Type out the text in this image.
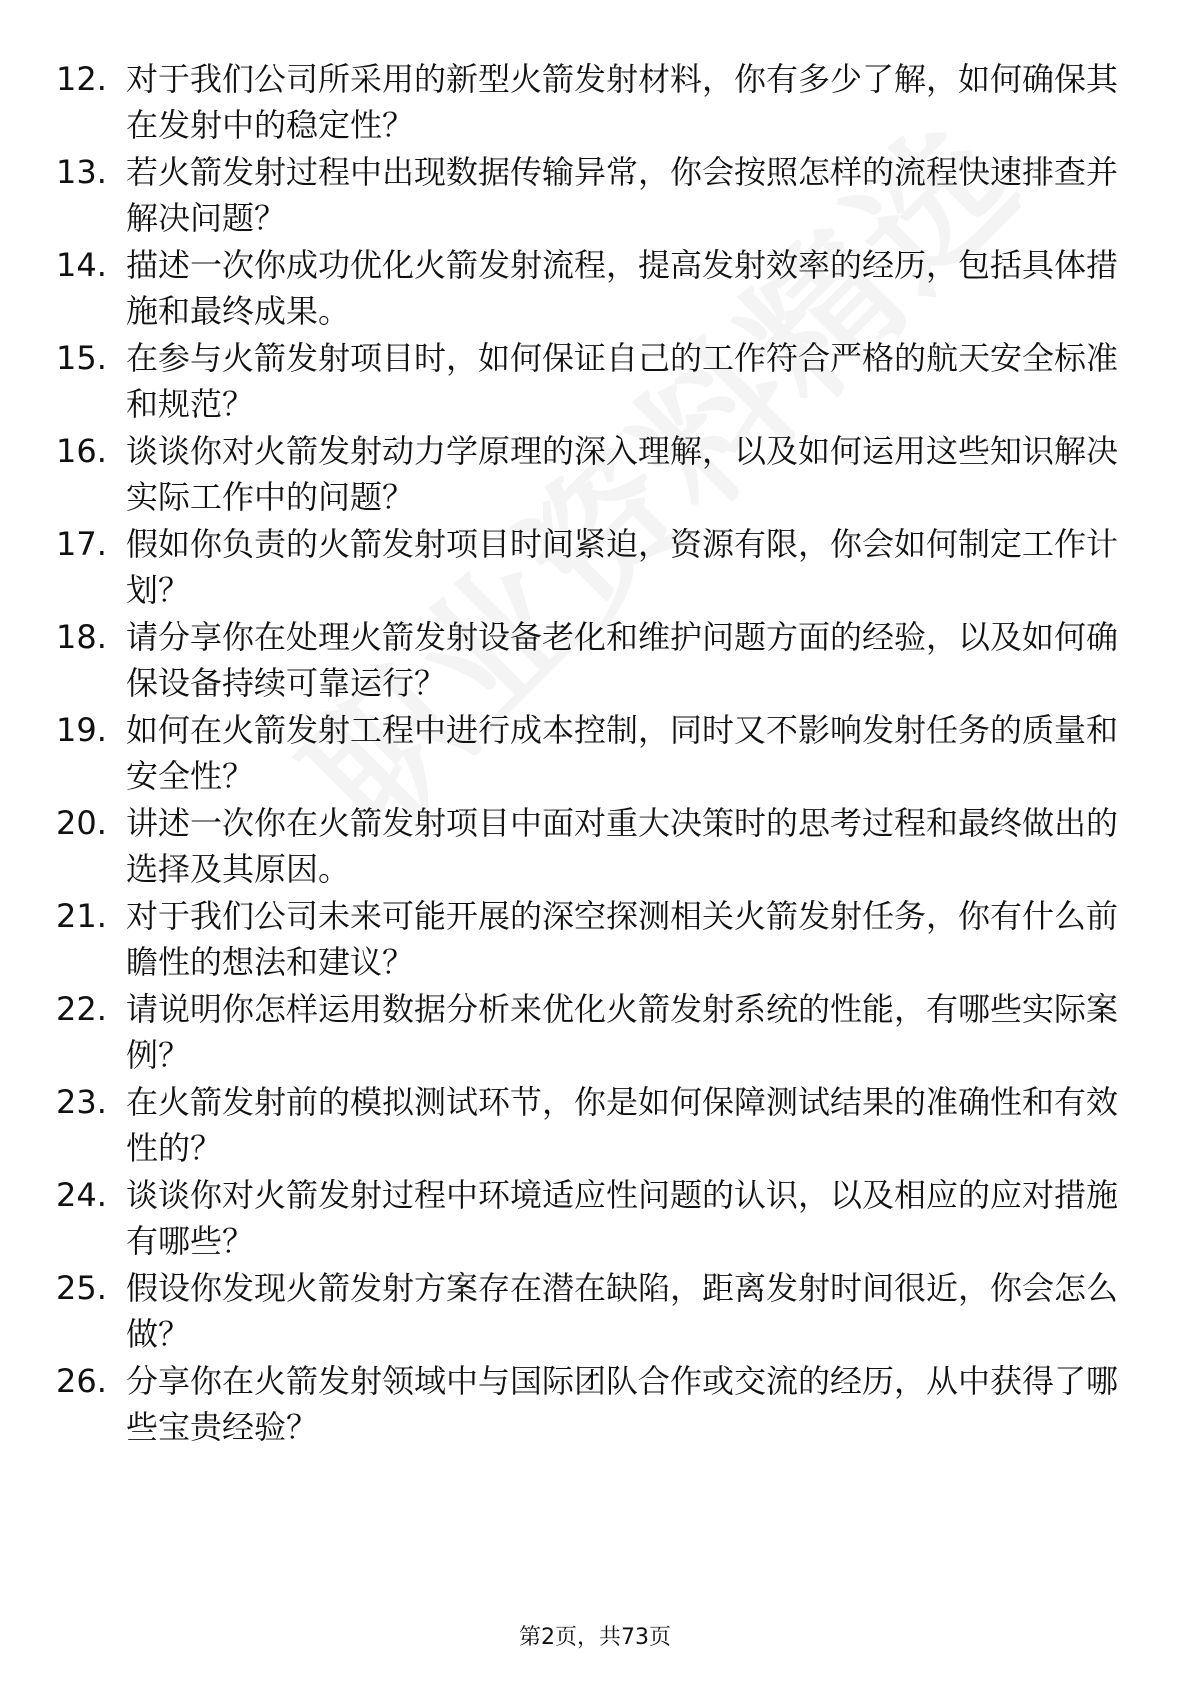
12. 对于我们公司所采用的新型火箭发射材料，你有多少了解，如何确保其在发射中的稳定性？
13. 若火箭发射过程中出现数据传输异常，你会按照怎样的流程快速排查并解决问题？
14. 描述一次你成功优化火箭发射流程，提高发射效率的经历，包括具体措施和最终成果。
15. 在参与火箭发射项目时，如何保证自己的工作符合严格的航天安全标准和规范？
16. 谈谈你对火箭发射动力学原理的深入理解，以及如何运用这些知识解决实际工作中的问题？
17. 假如你负责的火箭发射项目时间紧迫，资源有限，你会如何制定工作计划？
18. 请分享你在处理火箭发射设备老化和维护问题方面的经验，以及如何确保设备持续可靠运行？
19. 如何在火箭发射工程中进行成本控制，同时又不影响发射任务的质量和安全性？
20. 讲述一次你在火箭发射项目中面对重大决策时的思考过程和最终做出的选择及其原因。
21. 对于我们公司未来可能开展的深空探测相关火箭发射任务，你有什么前瞻性的想法和建议？
22. 请说明你怎样运用数据分析来优化火箭发射系统的性能，有哪些实际案例？
23. 在火箭发射前的模拟测试环节，你是如何保障测试结果的准确性和有效性的？
24. 谈谈你对火箭发射过程中环境适应性问题的认识，以及相应的应对措施有哪些？
25. 假设你发现火箭发射方案存在潜在缺陷，距离发射时间很近，你会怎么做？
26. 分享你在火箭发射领域中与国际团队合作或交流的经历，从中获得了哪些宝贵经验？
第2页，共73页
